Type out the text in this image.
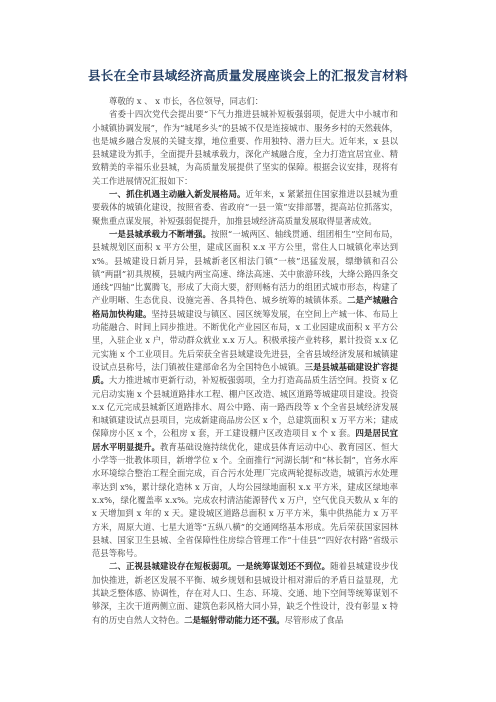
县长在全市县域经济高质量发展座谈会上的汇报发言材料

尊敬的 x 、 x 市长，各位领导，同志们：

省委十四次党代会提出要“下气力推进县城补短板强弱项，促进大中小城市和小城镇协调发展”，作为“城尾乡头”的县城不仅是连接城市、服务乡村的天然载体，也是城乡融合发展的关键支撑，地位重要、作用独特、潜力巨大。近年来，x 县以县城建设为抓手，全面提升县城承载力，深化产城融合度，全力打造宜居宜业、精致精美的幸福乐业县城，为高质量发展提供了坚实的保障。根据会议安排，现将有关工作进展情况汇报如下：

一、抓住机遇主动融入新发展格局。近年来，x 紧紧扭住国家推进以县城为重要载体的城镇化建设，按照省委、省政府“一县一策”安排部署，提高站位抓落实，聚焦重点谋发展，补短强弱促提升，加推县域经济高质量发展取得显著成效。

一是县城承载力不断增强。按照“一城两区、轴线贯通、组团相生”空间布局，县城规划区面积 x 平方公里，建成区面积 x.x 平方公里，常住人口城镇化率达到 x%。县城建设日新月异，县城新老区相法门镇“一核”迅猛发展，缥缈镇和召公镇“两副”初具规模，县城内两宝高速、绛法高速、关中旅游环线，大绛公路四条交通线“四轴”比翼腾飞，形成了大商大要，舒则畅有活力的组团式城市形态，构建了产业明晰、生态优良、设施完善、各具特色、城乡统筹的城镇体系。二是产城融合格局加快构建。坚持县城建设与镇区、园区统筹发展，在空间上产城一体、布局上功能融合、时间上同步推进。不断优化产业园区布局，x 工业园建成面积 x 平方公里，入驻企业 x 户，带动群众就业 x.x 万人。积极承接产业转移，累计投资 x.x 亿元实施 x 个工业项目。先后荣获全省县域建设先进县，全省县域经济发展和城镇建设试点县称号，法门镇被住建部命名为全国特色小城镇。三是县城基础建设扩容提质。大力推进城市更新行动，补短板强弱项，全力打造高品质生活空间。投资 x 亿元启动实施 x 个县城道路排水工程、棚户区改造、城区道路等城建项目建设。投资 x.x 亿元完成县城新区道路排水、周公中路、南一路西段等 x 个全省县域经济发展和城镇建设试点县项目，完成新建商品房公区 x 个，总建筑面积 x 万平方米；建成保障房小区 x 个，公租房 x 套，开工建设棚户区改造项目 x 个 x 套。四是居民宜居水平明显提升。教育基础设施持续优化，建成县体育运动中心、教育园区、恒大小学等一批教体项目，新增学位 x 个。全面推行“河湖长制”和“林长制”，官务水库水环境综合整治工程全面完成，百合污水处理厂完成两轮提标改造，城镇污水处理率达到 x%，累计绿化造林 x 万亩，人均公园绿地面积 x.x 平方米，建成区绿地率 x.x%，绿化覆盖率 x.x%。完成农村清洁能源替代 x 万户，空气优良天数从 x 年的 x 天增加到 x 年的 x 天。建设城区道路总面积 x 万平方米，集中供热能力 x 万平方米，周原大道、七星大道等“五纵八横”的交通网络基本形成。先后荣获国家园林县城、国家卫生县城、全省保障性住房综合管理工作“十佳县”“四好农村路”省级示范县等称号。

二、正视县城建设存在短板弱项。一是统筹谋划还不到位。随着县城建设步伐加快推进，新老区发展不平衡、城乡规划和县城设计相对滞后的矛盾日益显现，尤其缺乏整体感、协调性，存在对人口、生态、环境、交通、地下空间等统筹谋划不够深，主次干道两侧立面、建筑色彩风格大同小异，缺乏个性设计，没有彰显 x 特有的历史自然人文特色。二是辐射带动能力还不强。尽管形成了食品
